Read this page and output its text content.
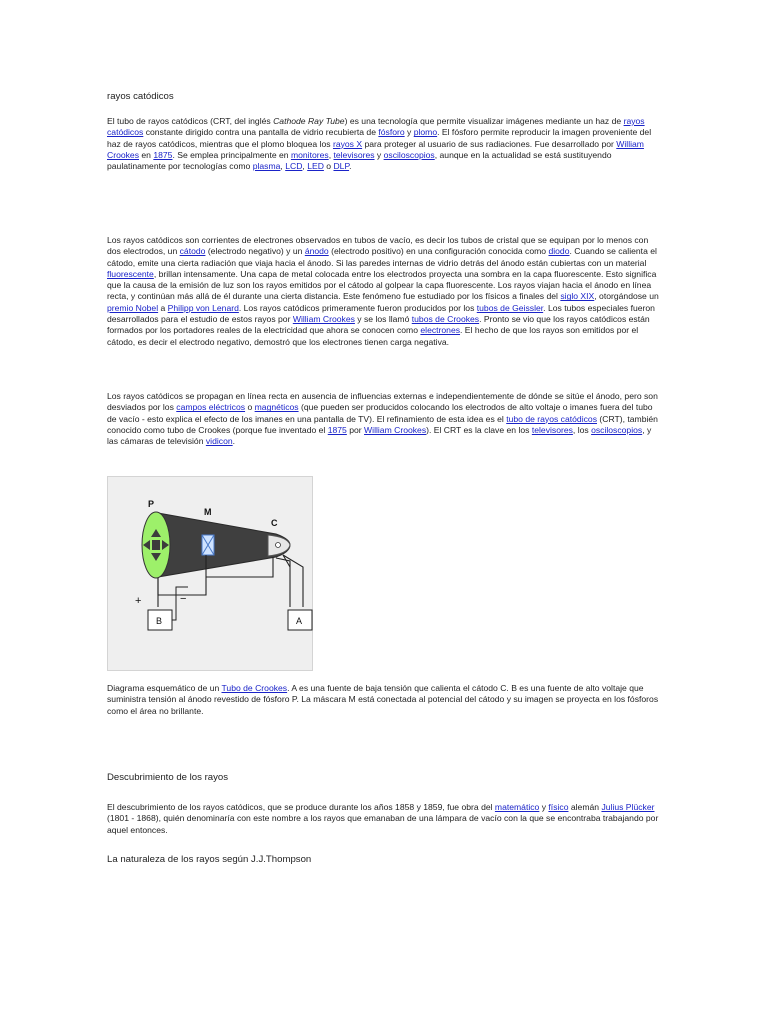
rayos catódicos

El tubo de rayos catódicos (CRT, del inglés Cathode Ray Tube) es una tecnología que permite visualizar imágenes mediante un haz de rayos catódicos constante dirigido contra una pantalla de vidrio recubierta de fósforo y plomo. El fósforo permite reproducir la imagen proveniente del haz de rayos catódicos, mientras que el plomo bloquea los rayos X para proteger al usuario de sus radiaciones. Fue desarrollado por William Crookes en 1875. Se emplea principalmente en monitores, televisores y osciloscopios, aunque en la actualidad se está sustituyendo paulatinamente por tecnologías como plasma, LCD, LED o DLP.

Los rayos catódicos son corrientes de electrones observados en tubos de vacío, es decir los tubos de cristal que se equipan por lo menos con dos electrodos, un cátodo (electrodo negativo) y un ánodo (electrodo positivo) en una configuración conocida como diodo. Cuando se calienta el cátodo, emite una cierta radiación que viaja hacia el ánodo. Si las paredes internas de vidrio detrás del ánodo están cubiertas con un material fluorescente, brillan intensamente. Una capa de metal colocada entre los electrodos proyecta una sombra en la capa fluorescente. Esto significa que la causa de la emisión de luz son los rayos emitidos por el cátodo al golpear la capa fluorescente. Los rayos viajan hacia el ánodo en línea recta, y continúan más allá de él durante una cierta distancia. Este fenómeno fue estudiado por los físicos a finales del siglo XIX, otorgándose un premio Nobel a Philipp von Lenard. Los rayos catódicos primeramente fueron producidos por los tubos de Geissler. Los tubos especiales fueron desarrollados para el estudio de estos rayos por William Crookes y se los llamó tubos de Crookes. Pronto se vio que los rayos catódicos están formados por los portadores reales de la electricidad que ahora se conocen como electrones. El hecho de que los rayos son emitidos por el cátodo, es decir el electrodo negativo, demostró que los electrones tienen carga negativa.

Los rayos catódicos se propagan en línea recta en ausencia de influencias externas e independientemente de dónde se sitúe el ánodo, pero son desviados por los campos eléctricos o magnéticos (que pueden ser producidos colocando los electrodos de alto voltaje o imanes fuera del tubo de vacío - esto explica el efecto de los imanes en una pantalla de TV). El refinamiento de esta idea es el tubo de rayos catódicos (CRT), también conocido como tubo de Crookes (porque fue inventado el 1875 por William Crookes). El CRT es la clave en los televisores, los osciloscopios, y las cámaras de televisión vidicon.

P
M
C
+	−
B	A

Diagrama esquemático de un Tubo de Crookes. A es una fuente de baja tensión que calienta el cátodo C. B es una fuente de alto voltaje que suministra tensión al ánodo revestido de fósforo P. La máscara M está conectada al potencial del cátodo y su imagen se proyecta en los fósforos como el área no brillante.

Descubrimiento de los rayos

El descubrimiento de los rayos catódicos, que se produce durante los años 1858 y 1859, fue obra del matemático y físico alemán Julius Plücker (1801 - 1868), quién denominaría con este nombre a los rayos que emanaban de una lámpara de vacío con la que se encontraba trabajando por aquel entonces.

La naturaleza de los rayos según J.J.Thompson
